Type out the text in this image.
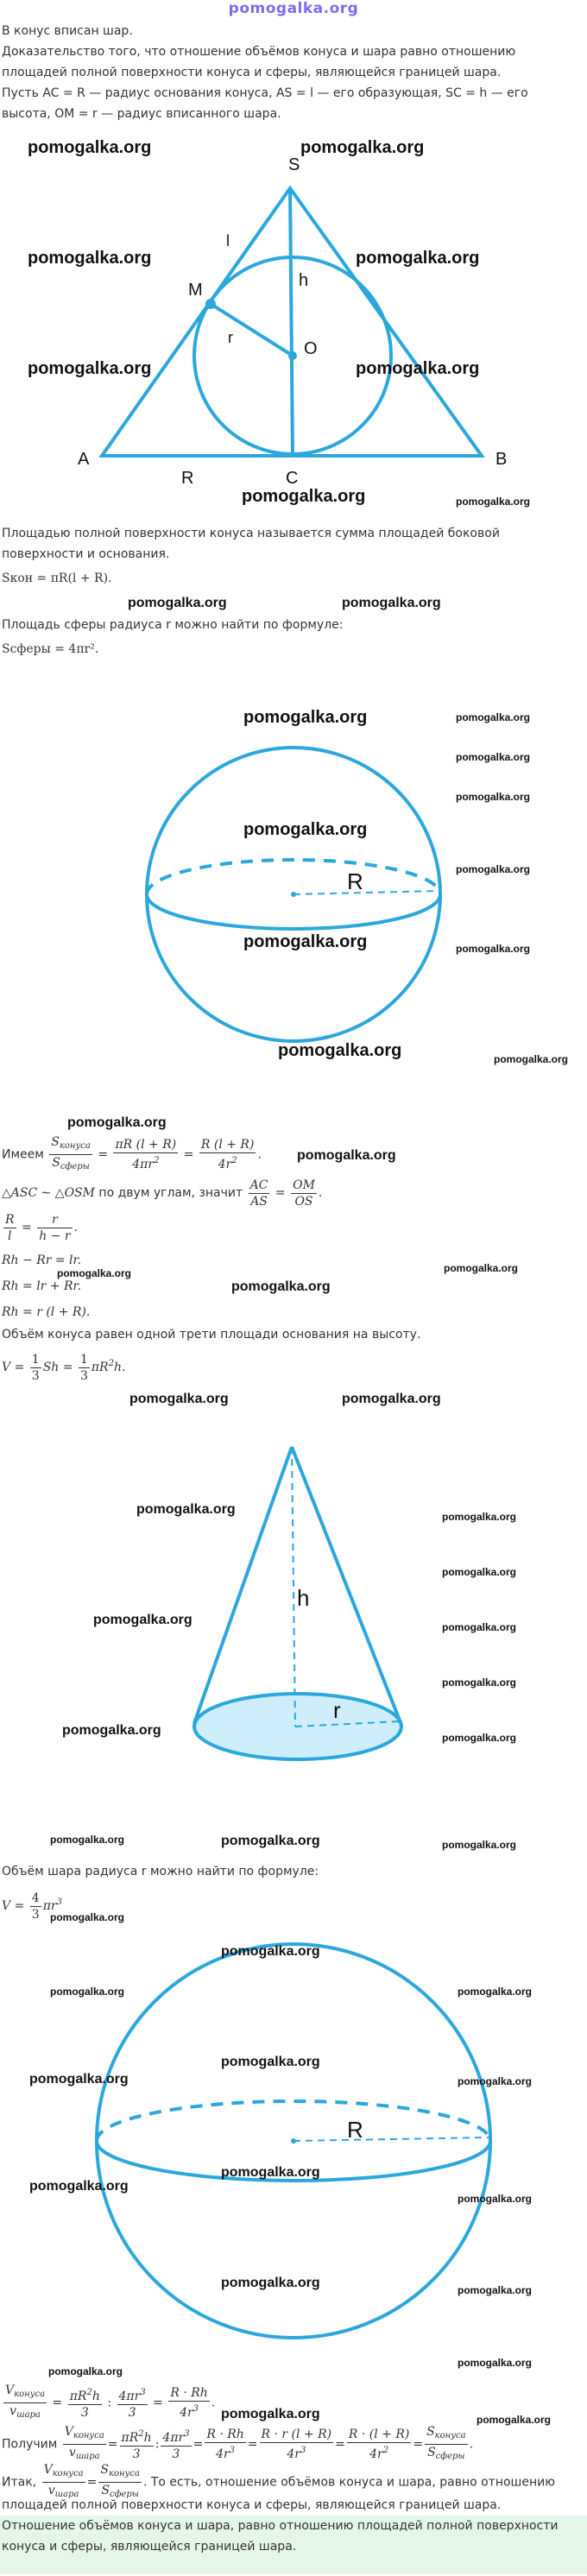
pomogalka.org
В конус вписан шар.
Доказательство того, что отношение объёмов конуса и шара равно отношению
площадей полной поверхности конуса и сферы, являющейся границей шара.
Пусть AC = R — радиус основания конуса, AS = l — его образующая, SC = h — его
высота, OM = r — радиус вписанного шара.
S
l
M	h
r
O
A
R	C
B
pomogalka.org	pomogalka.org
pomogalka.org	pomogalka.org
pomogalka.org	pomogalka.org
pomogalka.org	pomogalka.org
Площадью полной поверхности конуса называется сумма площадей боковой
поверхности и основания.
Sкон = πR(l + R).
pomogalka.org	pomogalka.org
Площадь сферы радиуса r можно найти по формуле:
Sсферы = 4πr².
R
pomogalka.org	pomogalka.org
pomogalka.org
pomogalka.org
pomogalka.org
pomogalka.org
pomogalka.org	pomogalka.org
pomogalka.org	pomogalka.org
pomogalka.org
Имеем $\frac{S_{конуса}}{S_{сферы}} = \frac{\pi R (l + R)}{4\pi r^2} = \frac{R (l + R)}{4r^2}$ .	pomogalka.org
△ASC ∼ △OSM по двум углам, значит $\frac{AC}{AS} = \frac{OM}{OS}$ .
$\frac{R}{l} = \frac{r}{h - r}$ .
Rh − Rr = lr.
pomogalka.org
pomogalka.org
pomogalka.org
Rh = lr + Rr.
Rh = r (l + R).
Объём конуса равен одной трети площади основания на высоту.
$V = \frac{1}{3}$ $Sh = \frac{1}{3} \pi R^2h$.
pomogalka.org	pomogalka.org
h
r
pomogalka.org
pomogalka.org
pomogalka.org
pomogalka.org
pomogalka.org
pomogalka.org
pomogalka.org
pomogalka.org
pomogalka.org	pomogalka.org	pomogalka.org
Объём шара радиуса r можно найти по формуле:
$V = \frac{4}{3} \pi r^3$
pomogalka.org
R
pomogalka.org
pomogalka.org	pomogalka.org
pomogalka.org
pomogalka.org	pomogalka.org
pomogalka.org
pomogalka.org
pomogalka.org
pomogalka.org	pomogalka.org
pomogalka.org
pomogalka.org
$\frac{V_{конуса}}{v_{шара}} = \frac{\pi R^2h}{3}$ : $\frac{4\pi r^3}{3} = \frac{R \cdot Rh}{4r^3}$ .
Получим $\frac{V_{конуса}}{v_{шара}} = \frac{\pi R^2h}{3}$ : $\frac{4\pi r^3}{3} = \frac{R \cdot Rh}{4r^3} = \frac{R \cdot r (l + R)}{4r^3} = \frac{R \cdot (l + R)}{4r^2} = \frac{S_{конуса}}{S_{сферы}}$ .
pomogalka.org	pomogalka.org
Итак, $\frac{V_{конуса}}{v_{шара}} = \frac{S_{конуса}}{S_{сферы}}$ . То есть, отношение объёмов конуса и шара, равно отношению
площадей полной поверхности конуса и сферы, являющейся границей шара.
Отношение объёмов конуса и шара, равно отношению площадей полной поверхности
конуса и сферы, являющейся границей шара.
